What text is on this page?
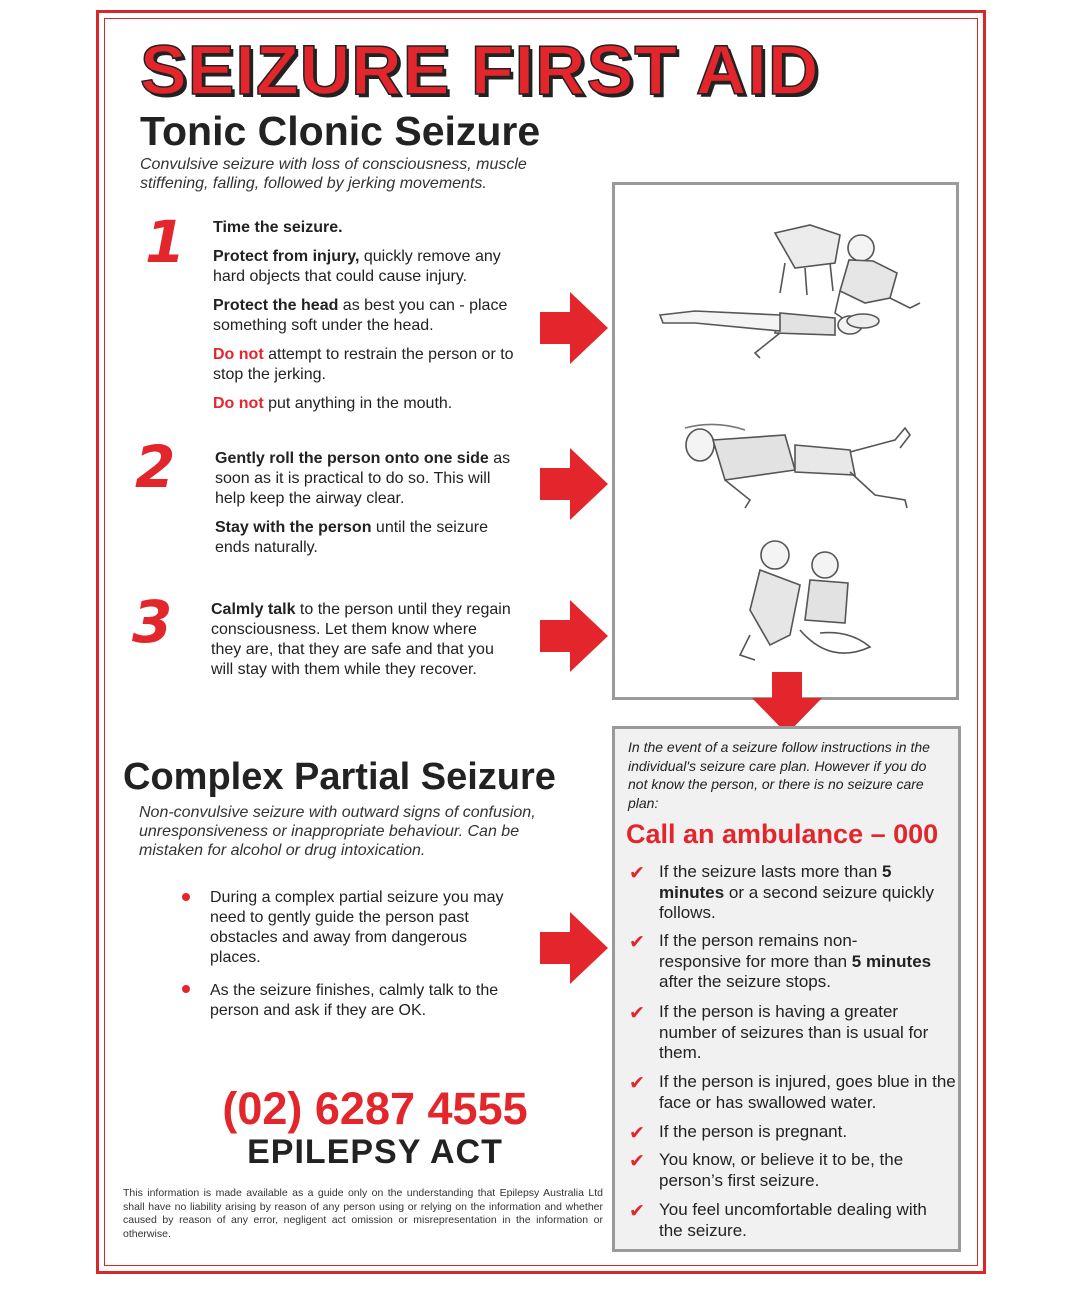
SEIZURE FIRST AID
Tonic Clonic Seizure

Convulsive seizure with loss of consciousness, muscle stiffening, falling, followed by jerking movements.

1 Time the seizure.

Protect from injury, quickly remove any hard objects that could cause injury.

Protect the head as best you can - place something soft under the head.

Do not attempt to restrain the person or to stop the jerking.

Do not put anything in the mouth.

2 Gently roll the person onto one side as soon as it is practical to do so. This will help keep the airway clear.

Stay with the person until the seizure ends naturally.

3 Calmly talk to the person until they regain consciousness. Let them know where they are, that they are safe and that you will stay with them while they recover.

Complex Partial Seizure

Non-convulsive seizure with outward signs of confusion, unresponsiveness or inappropriate behaviour. Can be mistaken for alcohol or drug intoxication.

During a complex partial seizure you may need to gently guide the person past obstacles and away from dangerous places.

As the seizure finishes, calmly talk to the person and ask if they are OK.

(02) 6287 4555

EPILEPSY ACT

This information is made available as a guide only on the understanding that Epilepsy Australia Ltd shall have no liability arising by reason of any person using or relying on the information and whether caused by reason of any error, negligent act omission or misrepresentation in the information or otherwise.

In the event of a seizure follow instructions in the individual's seizure care plan. However if you do not know the person, or there is no seizure care plan:

Call an ambulance – 000

✔ If the seizure lasts more than 5 minutes or a second seizure quickly follows.
✔ If the person remains non-responsive for more than 5 minutes after the seizure stops.
✔ If the person is having a greater number of seizures than is usual for them.
✔ If the person is injured, goes blue in the face or has swallowed water.
✔ If the person is pregnant.
✔ You know, or believe it to be, the person’s first seizure.
✔ You feel uncomfortable dealing with the seizure.
